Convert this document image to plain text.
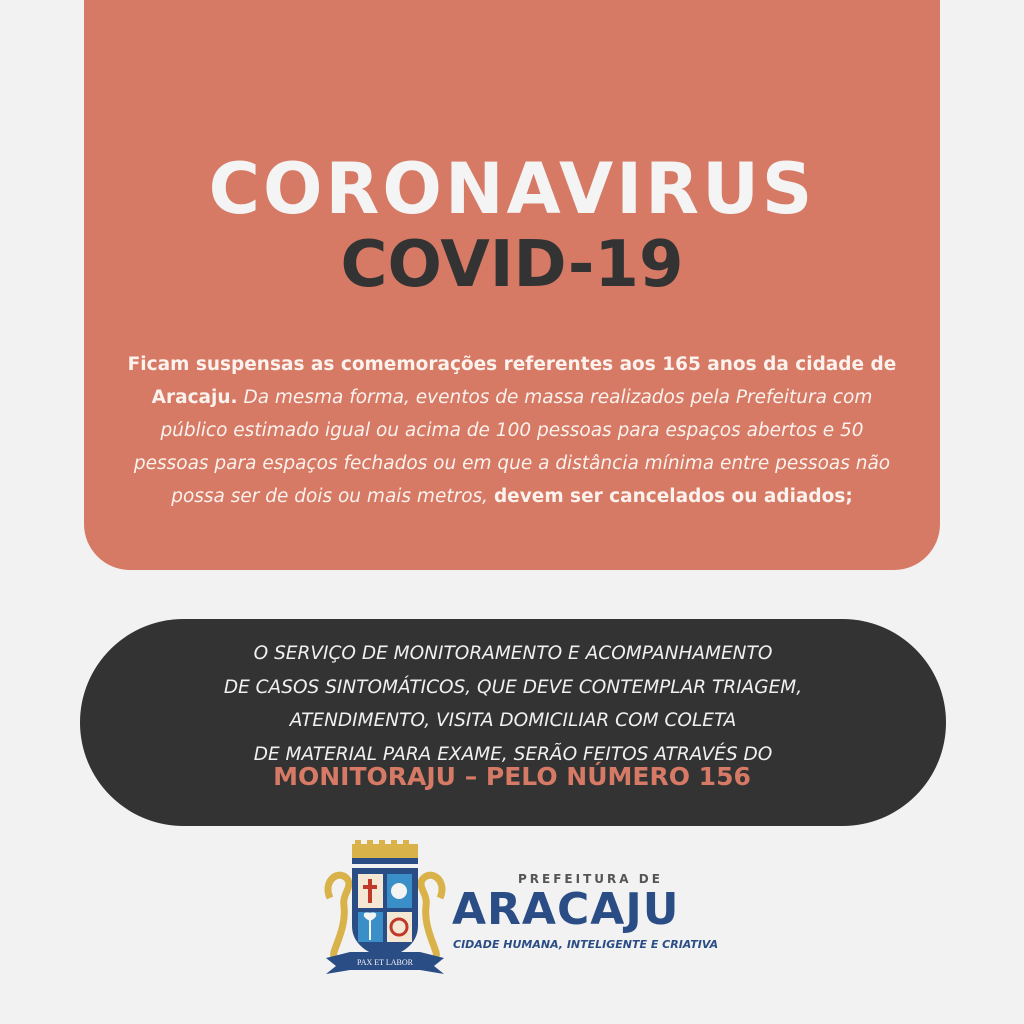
CORONAVIRUS
COVID-19
Ficam suspensas as comemorações referentes aos 165 anos da cidade de Aracaju. Da mesma forma, eventos de massa realizados pela Prefeitura com público estimado igual ou acima de 100 pessoas para espaços abertos e 50 pessoas para espaços fechados ou em que a distância mínima entre pessoas não possa ser de dois ou mais metros, devem ser cancelados ou adiados;
O SERVIÇO DE MONITORAMENTO E ACOMPANHAMENTO
DE CASOS SINTOMÁTICOS, QUE DEVE CONTEMPLAR TRIAGEM,
ATENDIMENTO, VISITA DOMICILIAR COM COLETA
DE MATERIAL PARA EXAME, SERÃO FEITOS ATRAVÉS DO
MONITORAJU – PELO NÚMERO 156
PAX ET LABOR
PREFEITURA DE
ARACAJU
CIDADE HUMANA, INTELIGENTE E CRIATIVA
